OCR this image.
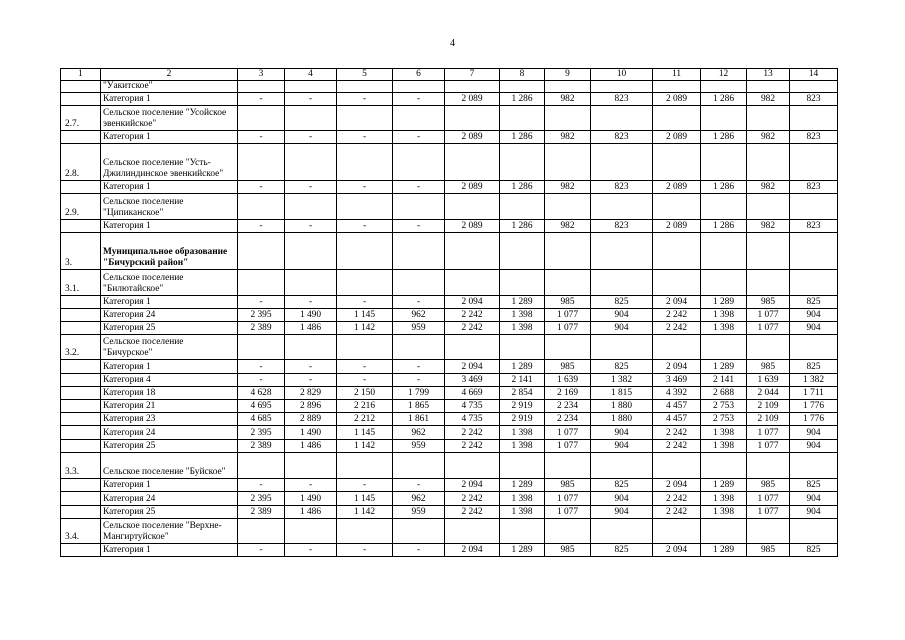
4
1	2	3	4	5	6	7	8	9	10	11	12	13	14
	"Уакитское"												
	Категория 1	-	-	-	-	2 089	1 286	982	823	2 089	1 286	982	823
2.7.	Сельское поселение "Усойское эвенкийское"												
	Категория 1	-	-	-	-	2 089	1 286	982	823	2 089	1 286	982	823
2.8.	Сельское поселение "Усть-Джилиндинское эвенкийское"												
	Категория 1	-	-	-	-	2 089	1 286	982	823	2 089	1 286	982	823
2.9.	Сельское поселение "Ципиканское"												
	Категория 1	-	-	-	-	2 089	1 286	982	823	2 089	1 286	982	823
3.	Муниципальное образование "Бичурский район"												
3.1.	Сельское поселение "Билютайское"												
	Категория 1	-	-	-	-	2 094	1 289	985	825	2 094	1 289	985	825
	Категория 24	2 395	1 490	1 145	962	2 242	1 398	1 077	904	2 242	1 398	1 077	904
	Категория 25	2 389	1 486	1 142	959	2 242	1 398	1 077	904	2 242	1 398	1 077	904
3.2.	Сельское поселение "Бичурское"												
	Категория 1	-	-	-	-	2 094	1 289	985	825	2 094	1 289	985	825
	Категория 4	-	-	-	-	3 469	2 141	1 639	1 382	3 469	2 141	1 639	1 382
	Категория 18	4 628	2 829	2 150	1 799	4 669	2 854	2 169	1 815	4 392	2 688	2 044	1 711
	Категория 21	4 695	2 896	2 216	1 865	4 735	2 919	2 234	1 880	4 457	2 753	2 109	1 776
	Категория 23	4 685	2 889	2 212	1 861	4 735	2 919	2 234	1 880	4 457	2 753	2 109	1 776
	Категория 24	2 395	1 490	1 145	962	2 242	1 398	1 077	904	2 242	1 398	1 077	904
	Категория 25	2 389	1 486	1 142	959	2 242	1 398	1 077	904	2 242	1 398	1 077	904
3.3.	Сельское поселение "Буйское"												
	Категория 1	-	-	-	-	2 094	1 289	985	825	2 094	1 289	985	825
	Категория 24	2 395	1 490	1 145	962	2 242	1 398	1 077	904	2 242	1 398	1 077	904
	Категория 25	2 389	1 486	1 142	959	2 242	1 398	1 077	904	2 242	1 398	1 077	904
3.4.	Сельское поселение "Верхне-Мангиртуйское"												
	Категория 1	-	-	-	-	2 094	1 289	985	825	2 094	1 289	985	825
